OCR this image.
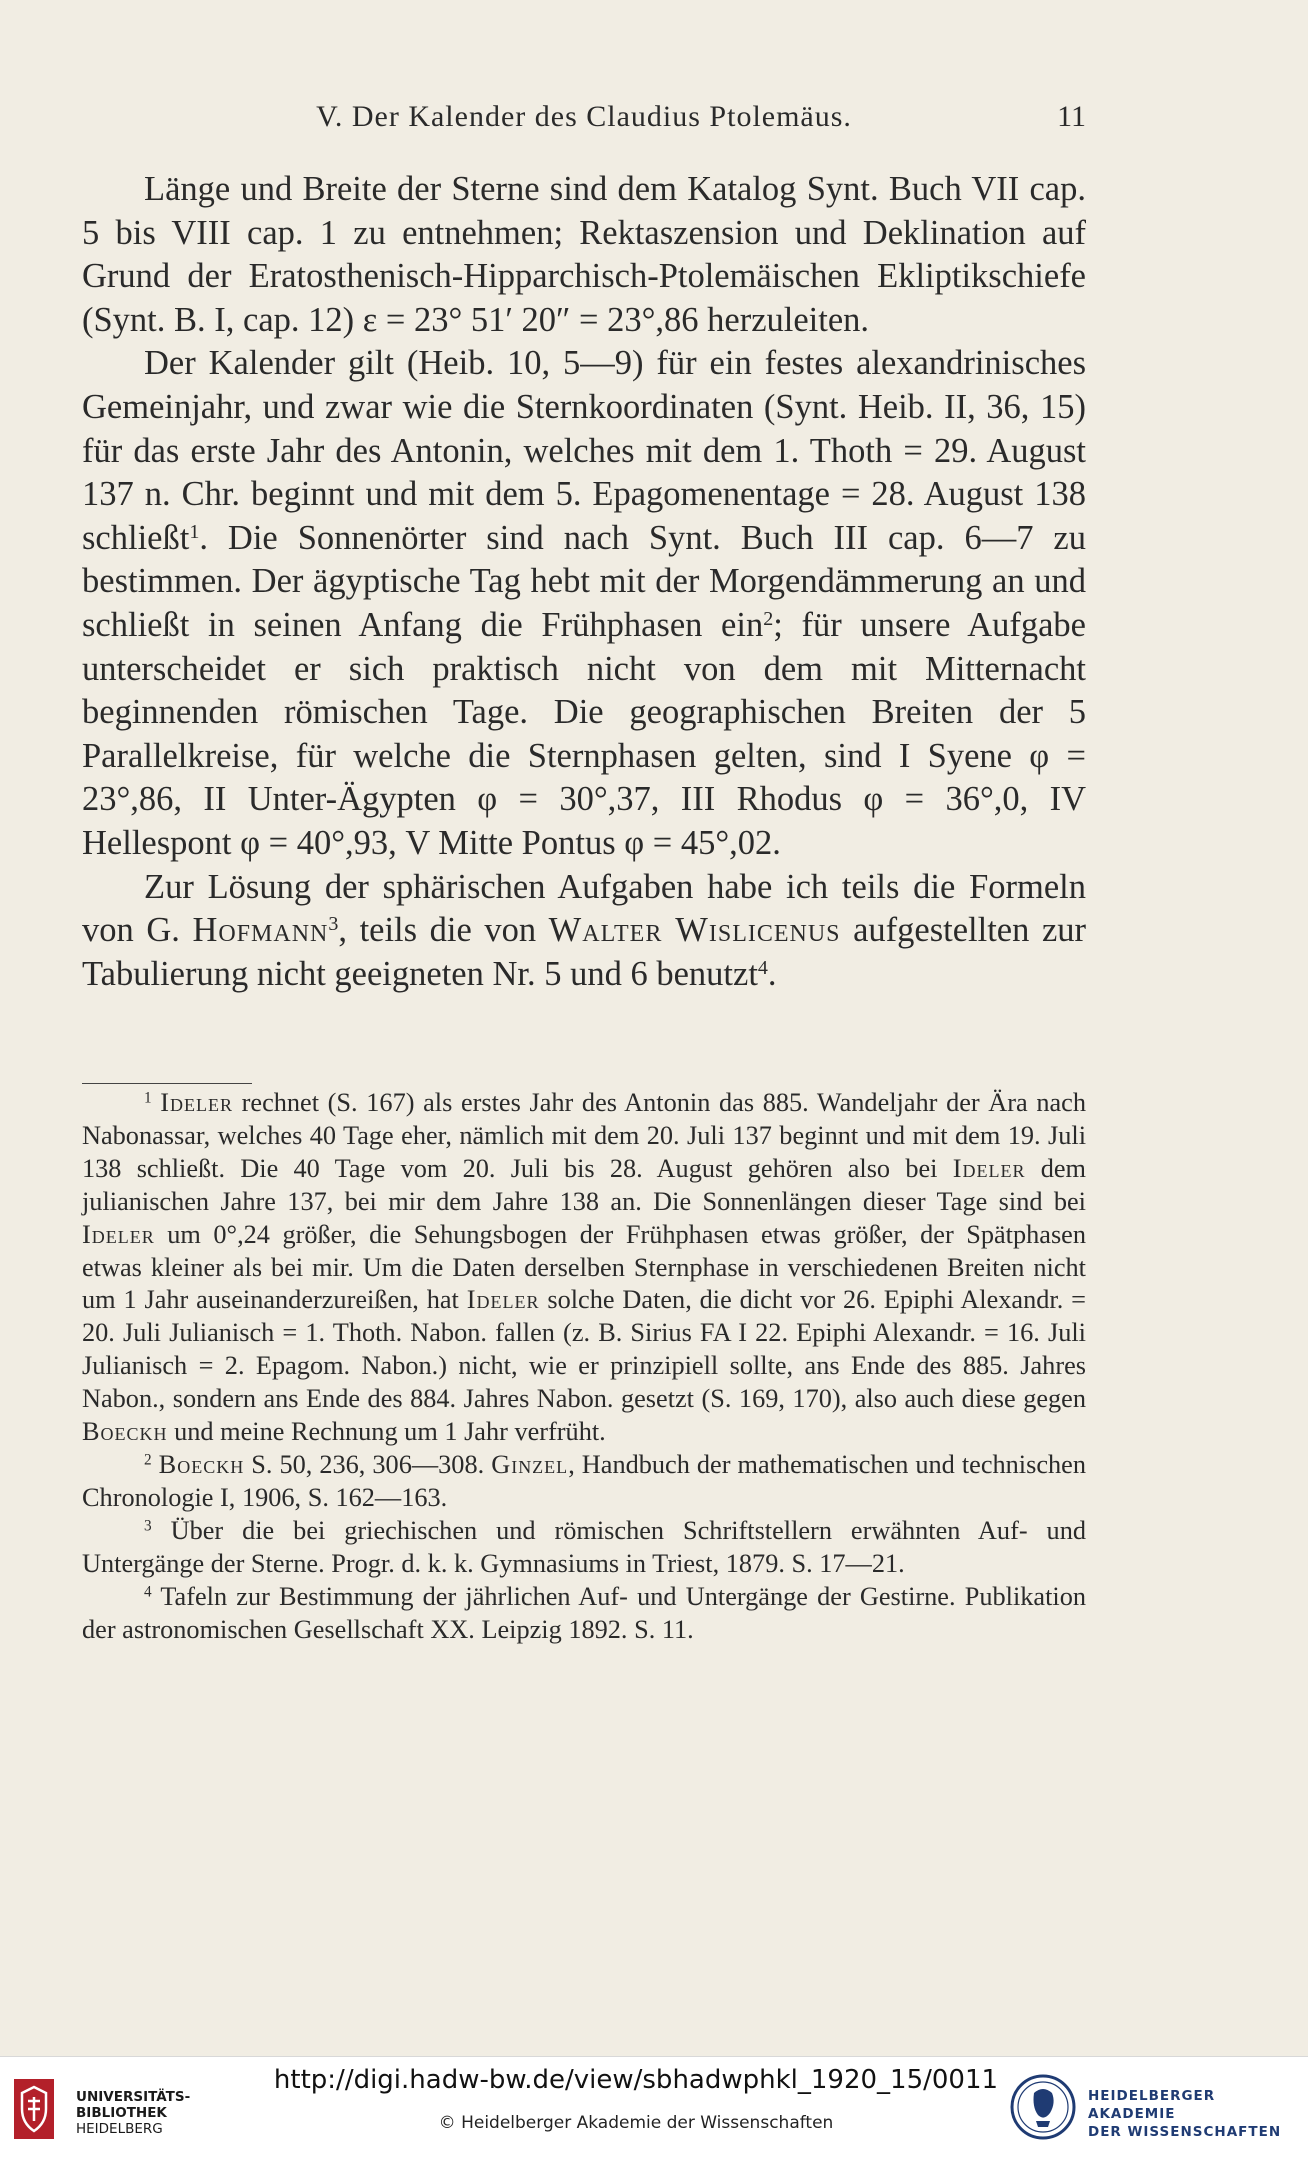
V. Der Kalender des Claudius Ptolemäus.	11

Länge und Breite der Sterne sind dem Katalog Synt. Buch VII cap. 5 bis VIII cap. 1 zu entnehmen; Rektaszension und Deklination auf Grund der Eratosthenisch-Hipparchisch-Ptolemäischen Ekliptikschiefe (Synt. B. I, cap. 12) ε = 23° 51′ 20″ = 23°,86 herzuleiten.

Der Kalender gilt (Heib. 10, 5—9) für ein festes alexandrinisches Gemeinjahr, und zwar wie die Sternkoordinaten (Synt. Heib. II, 36, 15) für das erste Jahr des Antonin, welches mit dem 1. Thoth = 29. August 137 n. Chr. beginnt und mit dem 5. Epagomenentage = 28. August 138 schließt$^1$. Die Sonnenörter sind nach Synt. Buch III cap. 6—7 zu bestimmen. Der ägyptische Tag hebt mit der Morgendämmerung an und schließt in seinen Anfang die Frühphasen ein$^2$; für unsere Aufgabe unterscheidet er sich praktisch nicht von dem mit Mitternacht beginnenden römischen Tage. Die geographischen Breiten der 5 Parallelkreise, für welche die Sternphasen gelten, sind I Syene φ = 23°,86, II Unter-Ägypten φ = 30°,37, III Rhodus φ = 36°,0, IV Hellespont φ = 40°,93, V Mitte Pontus φ = 45°,02.

Zur Lösung der sphärischen Aufgaben habe ich teils die Formeln von G. Hofmann$^3$, teils die von Walter Wislicenus aufgestellten zur Tabulierung nicht geeigneten Nr. 5 und 6 benutzt$^4$.

$^1$ Ideler rechnet (S. 167) als erstes Jahr des Antonin das 885. Wandeljahr der Ära nach Nabonassar, welches 40 Tage eher, nämlich mit dem 20. Juli 137 beginnt und mit dem 19. Juli 138 schließt. Die 40 Tage vom 20. Juli bis 28. August gehören also bei Ideler dem julianischen Jahre 137, bei mir dem Jahre 138 an. Die Sonnenlängen dieser Tage sind bei Ideler um 0°,24 größer, die Sehungsbogen der Frühphasen etwas größer, der Spätphasen etwas kleiner als bei mir. Um die Daten derselben Sternphase in verschiedenen Breiten nicht um 1 Jahr auseinanderzureißen, hat Ideler solche Daten, die dicht vor 26. Epiphi Alexandr. = 20. Juli Julianisch = 1. Thoth. Nabon. fallen (z. B. Sirius FA I 22. Epiphi Alexandr. = 16. Juli Julianisch = 2. Epagom. Nabon.) nicht, wie er prinzipiell sollte, ans Ende des 885. Jahres Nabon., sondern ans Ende des 884. Jahres Nabon. gesetzt (S. 169, 170), also auch diese gegen Boeckh und meine Rechnung um 1 Jahr verfrüht.

$^2$ Boeckh S. 50, 236, 306—308. Ginzel, Handbuch der mathematischen und technischen Chronologie I, 1906, S. 162—163.

$^3$ Über die bei griechischen und römischen Schriftstellern erwähnten Auf- und Untergänge der Sterne. Progr. d. k. k. Gymnasiums in Triest, 1879. S. 17—21.

$^4$ Tafeln zur Bestimmung der jährlichen Auf- und Untergänge der Gestirne. Publikation der astronomischen Gesellschaft XX. Leipzig 1892. S. 11.

UNIVERSITÄTS-
BIBLIOTHEK
HEIDELBERG
http://digi.hadw-bw.de/view/sbhadwphkl_1920_15/0011
© Heidelberger Akademie der Wissenschaften
HEIDELBERGER AKADEMIE
DER WISSENSCHAFTEN
